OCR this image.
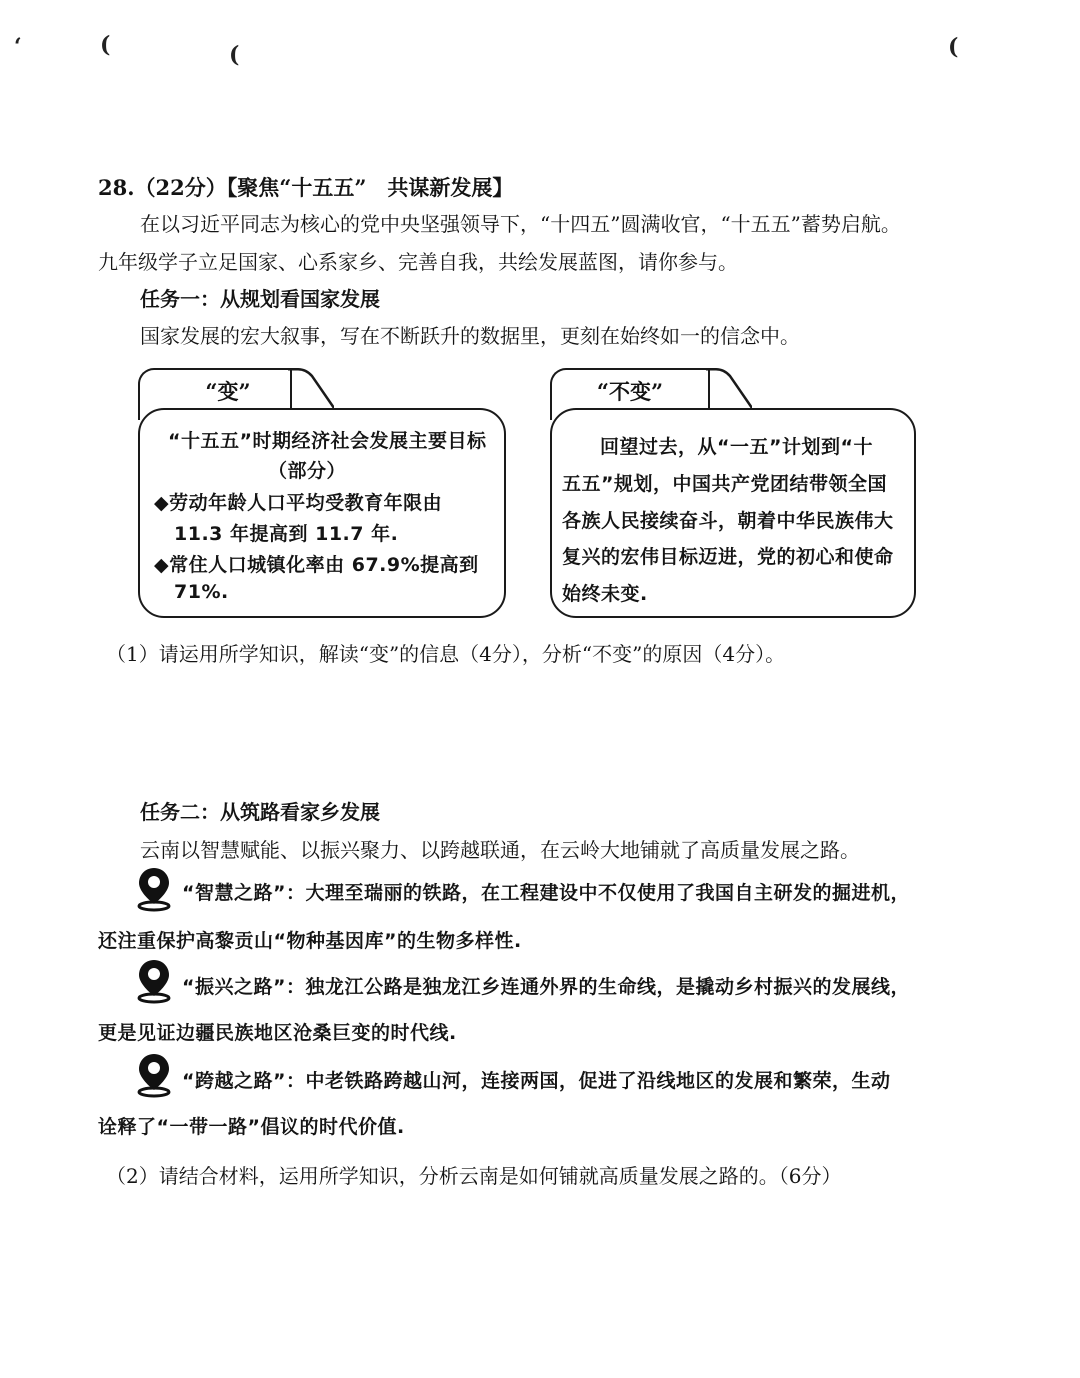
‘	(	(	(
28.（22分）【聚焦“十五五”　共谋新发展】
在以习近平同志为核心的党中央坚强领导下，“十四五”圆满收官，“十五五”蓄势启航。
九年级学子立足国家、心系家乡、完善自我，共绘发展蓝图，请你参与。
任务一：从规划看国家发展
国家发展的宏大叙事，写在不断跃升的数据里，更刻在始终如一的信念中。
“变”
“十五五”时期经济社会发展主要目标
（部分）
◆劳动年龄人口平均受教育年限由
11.3 年提高到 11.7 年.
◆常住人口城镇化率由 67.9%提高到
71%.
“不变”
回望过去，从“一五”计划到“十
五五”规划，中国共产党团结带领全国
各族人民接续奋斗，朝着中华民族伟大
复兴的宏伟目标迈进，党的初心和使命
始终未变.
（1）请运用所学知识，解读“变”的信息（4分），分析“不变”的原因（4分）。
任务二：从筑路看家乡发展
云南以智慧赋能、以振兴聚力、以跨越联通，在云岭大地铺就了高质量发展之路。
“智慧之路”：大理至瑞丽的铁路，在工程建设中不仅使用了我国自主研发的掘进机，
还注重保护高黎贡山“物种基因库”的生物多样性.
“振兴之路”：独龙江公路是独龙江乡连通外界的生命线，是撬动乡村振兴的发展线，
更是见证边疆民族地区沧桑巨变的时代线.
“跨越之路”：中老铁路跨越山河，连接两国，促进了沿线地区的发展和繁荣，生动
诠释了“一带一路”倡议的时代价值.
（2）请结合材料，运用所学知识，分析云南是如何铺就高质量发展之路的。（6分）
